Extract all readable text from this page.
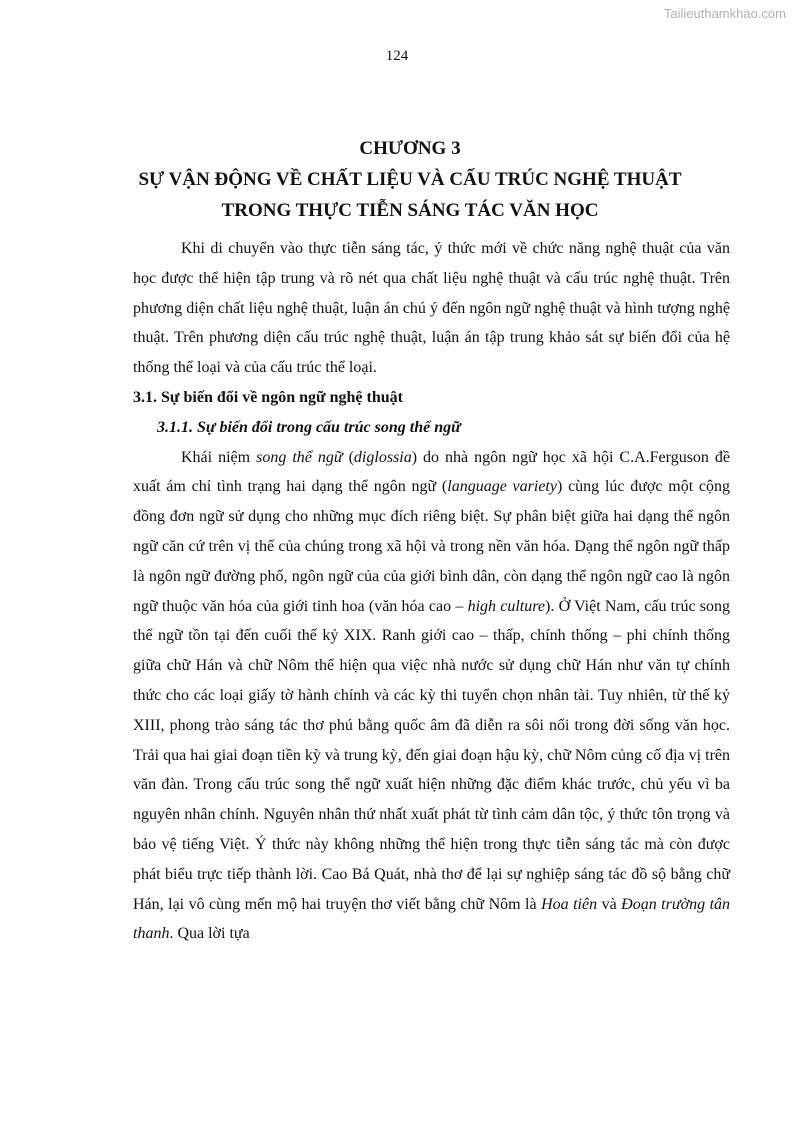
Tailieuthamkhao.com
124
CHƯƠNG 3
SỰ VẬN ĐỘNG VỀ CHẤT LIỆU VÀ CẤU TRÚC NGHỆ THUẬT
TRONG THỰC TIỄN SÁNG TÁC VĂN HỌC

Khi di chuyển vào thực tiễn sáng tác, ý thức mới về chức năng nghệ thuật của văn học được thể hiện tập trung và rõ nét qua chất liệu nghệ thuật và cấu trúc nghệ thuật. Trên phương diện chất liệu nghệ thuật, luận án chú ý đến ngôn ngữ nghệ thuật và hình tượng nghệ thuật. Trên phương diện cấu trúc nghệ thuật, luận án tập trung khảo sát sự biến đổi của hệ thống thể loại và của cấu trúc thể loại.

3.1. Sự biến đổi về ngôn ngữ nghệ thuật
3.1.1. Sự biến đổi trong cấu trúc song thể ngữ

Khái niệm song thể ngữ (diglossia) do nhà ngôn ngữ học xã hội C.A.Ferguson đề xuất ám chỉ tình trạng hai dạng thể ngôn ngữ (language variety) cùng lúc được một cộng đồng đơn ngữ sử dụng cho những mục đích riêng biệt. Sự phân biệt giữa hai dạng thể ngôn ngữ căn cứ trên vị thế của chúng trong xã hội và trong nền văn hóa. Dạng thể ngôn ngữ thấp là ngôn ngữ đường phố, ngôn ngữ của của giới bình dân, còn dạng thể ngôn ngữ cao là ngôn ngữ thuộc văn hóa của giới tinh hoa (văn hóa cao – high culture). Ở Việt Nam, cấu trúc song thể ngữ tồn tại đến cuối thế kỷ XIX. Ranh giới cao – thấp, chính thống – phi chính thống giữa chữ Hán và chữ Nôm thể hiện qua việc nhà nước sử dụng chữ Hán như văn tự chính thức cho các loại giấy tờ hành chính và các kỳ thi tuyển chọn nhân tài. Tuy nhiên, từ thế kỷ XIII, phong trào sáng tác thơ phú bằng quốc âm đã diễn ra sôi nổi trong đời sống văn học. Trải qua hai giai đoạn tiền kỳ và trung kỳ, đến giai đoạn hậu kỳ, chữ Nôm củng cố địa vị trên văn đàn. Trong cấu trúc song thể ngữ xuất hiện những đặc điểm khác trước, chủ yếu vì ba nguyên nhân chính. Nguyên nhân thứ nhất xuất phát từ tình cảm dân tộc, ý thức tôn trọng và bảo vệ tiếng Việt. Ý thức này không những thể hiện trong thực tiễn sáng tác mà còn được phát biểu trực tiếp thành lời. Cao Bá Quát, nhà thơ để lại sự nghiệp sáng tác đồ sộ bằng chữ Hán, lại vô cùng mến mộ hai truyện thơ viết bằng chữ Nôm là Hoa tiên và Đoạn trường tân thanh. Qua lời tựa
